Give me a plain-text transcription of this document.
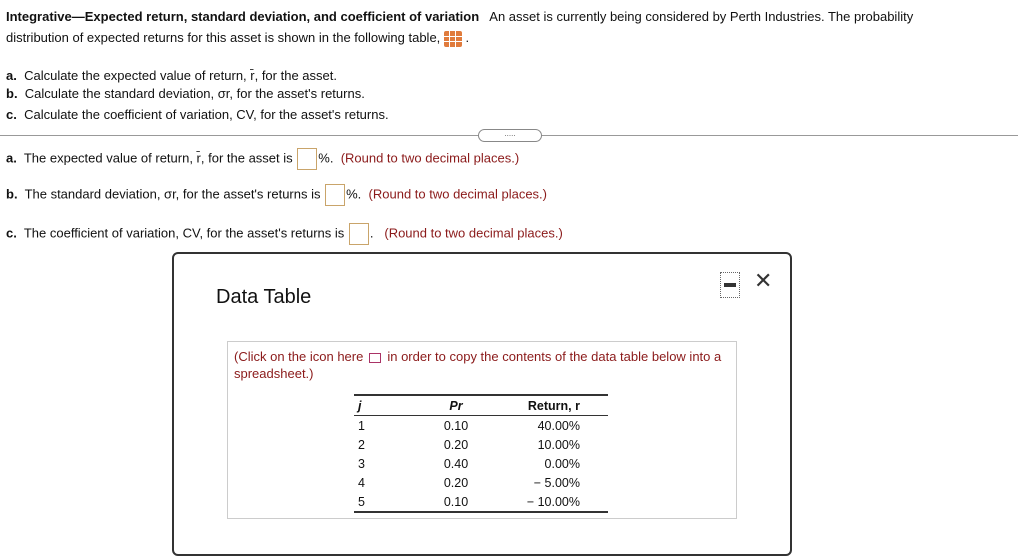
Integrative—Expected return, standard deviation, and coefficient of variation An asset is currently being considered by Perth Industries. The probability
distribution of expected returns for this asset is shown in the following table, .
a. Calculate the expected value of return, r̄, for the asset.
b. Calculate the standard deviation, σr, for the asset's returns.
c. Calculate the coefficient of variation, CV, for the asset's returns.
.....
a. The expected value of return, r̄, for the asset is %. (Round to two decimal places.)
b. The standard deviation, σr, for the asset's returns is %. (Round to two decimal places.)
c. The coefficient of variation, CV, for the asset's returns is . (Round to two decimal places.)
Data Table
✕
(Click on the icon here in order to copy the contents of the data table below into a spreadsheet.)
j	Pr	Return, r
1	0.10	40.00%
2	0.20	10.00%
3	0.40	0.00%
4	0.20	− 5.00%
5	0.10	− 10.00%
